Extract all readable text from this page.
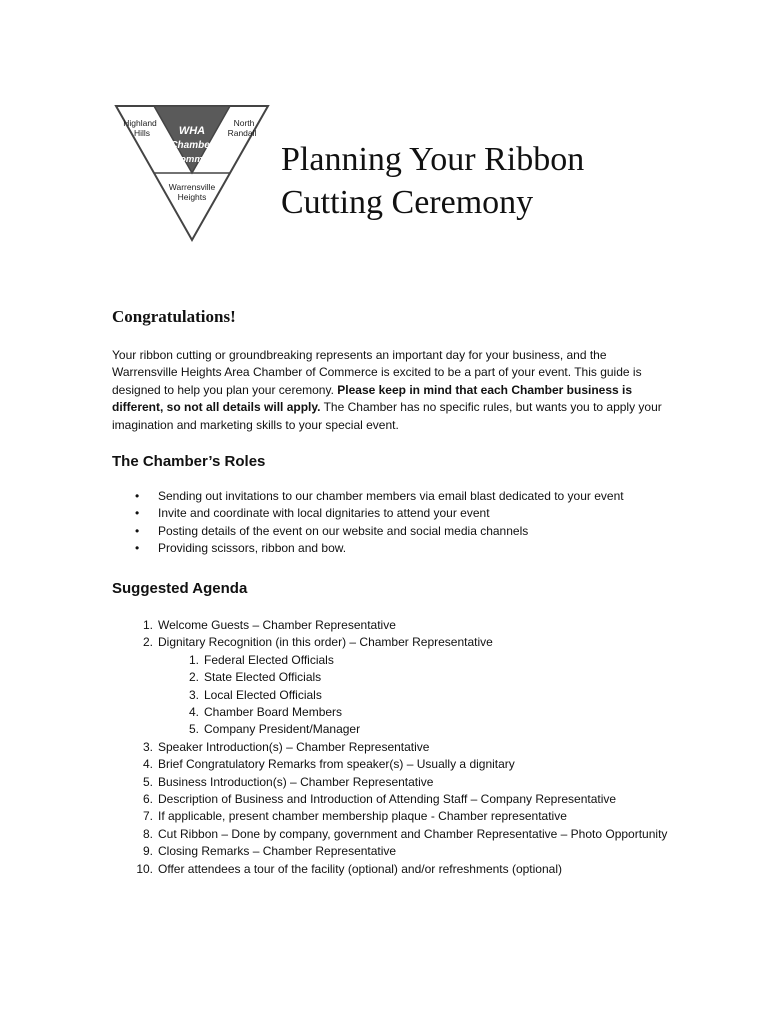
Highland
Hills
North
Randall
Warrensville
Heights
WHA
Chamber
of Commerce Planning Your Ribbon
Cutting Ceremony
Congratulations!

Your ribbon cutting or groundbreaking represents an important day for your business, and the Warrensville Heights Area Chamber of Commerce is excited to be a part of your event. This guide is designed to help you plan your ceremony. Please keep in mind that each Chamber business is different, so not all details will apply. The Chamber has no specific rules, but wants you to apply your imagination and marketing skills to your special event.

The Chamber’s Roles
• Sending out invitations to our chamber members via email blast dedicated to your event
• Invite and coordinate with local dignitaries to attend your event
• Posting details of the event on our website and social media channels
• Providing scissors, ribbon and bow.
Suggested Agenda
1. Welcome Guests – Chamber Representative
2. Dignitary Recognition (in this order) – Chamber Representative
1. Federal Elected Officials
2. State Elected Officials
3. Local Elected Officials
4. Chamber Board Members
5. Company President/Manager
3. Speaker Introduction(s) – Chamber Representative
4. Brief Congratulatory Remarks from speaker(s) – Usually a dignitary
5. Business Introduction(s) – Chamber Representative
6. Description of Business and Introduction of Attending Staff – Company Representative
7. If applicable, present chamber membership plaque - Chamber representative
8. Cut Ribbon – Done by company, government and Chamber Representative – Photo Opportunity
9. Closing Remarks – Chamber Representative
10. Offer attendees a tour of the facility (optional) and/or refreshments (optional)
